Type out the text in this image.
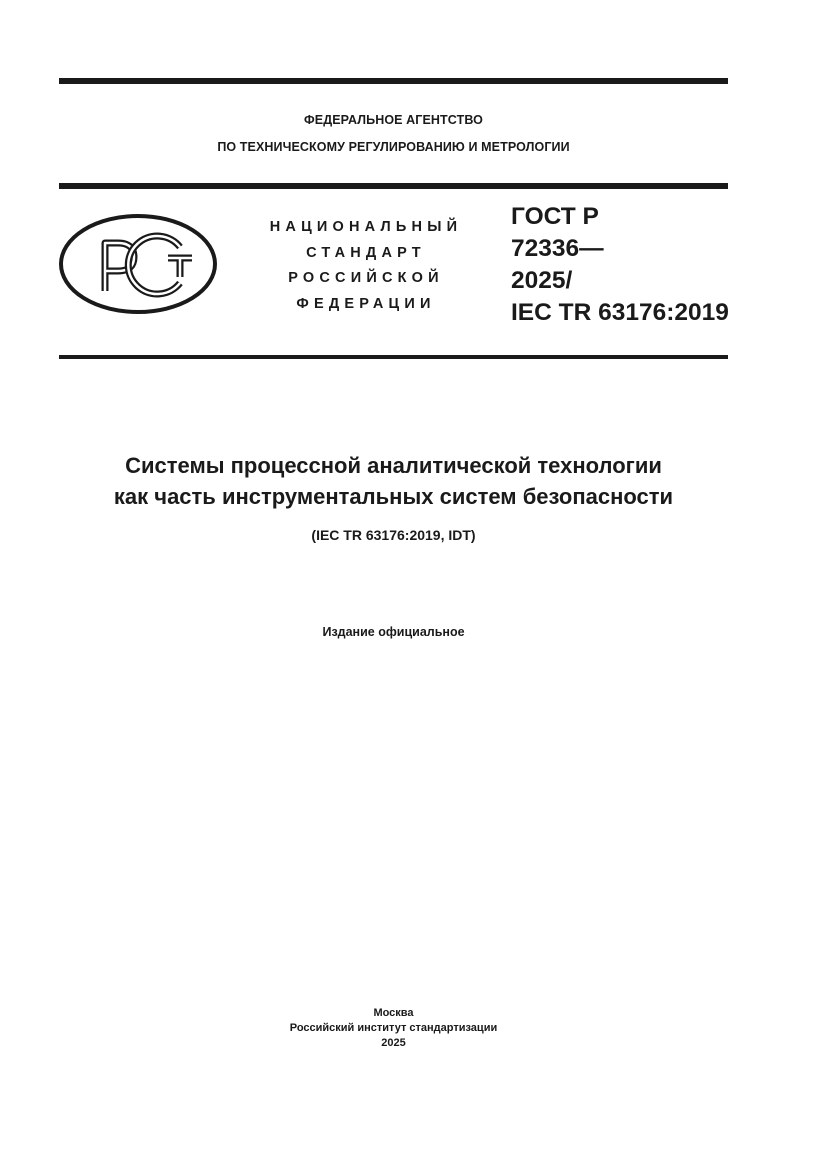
ФЕДЕРАЛЬНОЕ АГЕНТСТВО
ПО ТЕХНИЧЕСКОМУ РЕГУЛИРОВАНИЮ И МЕТРОЛОГИИ
НАЦИОНАЛЬНЫЙ
СТАНДАРТ
РОССИЙСКОЙ
ФЕДЕРАЦИИ
ГОСТ Р
72336—
2025/
IEC TR 63176:2019
Системы процессной аналитической технологии
как часть инструментальных систем безопасности
(IEC TR 63176:2019, IDT)
Издание официальное
Москва
Российский институт стандартизации
2025
